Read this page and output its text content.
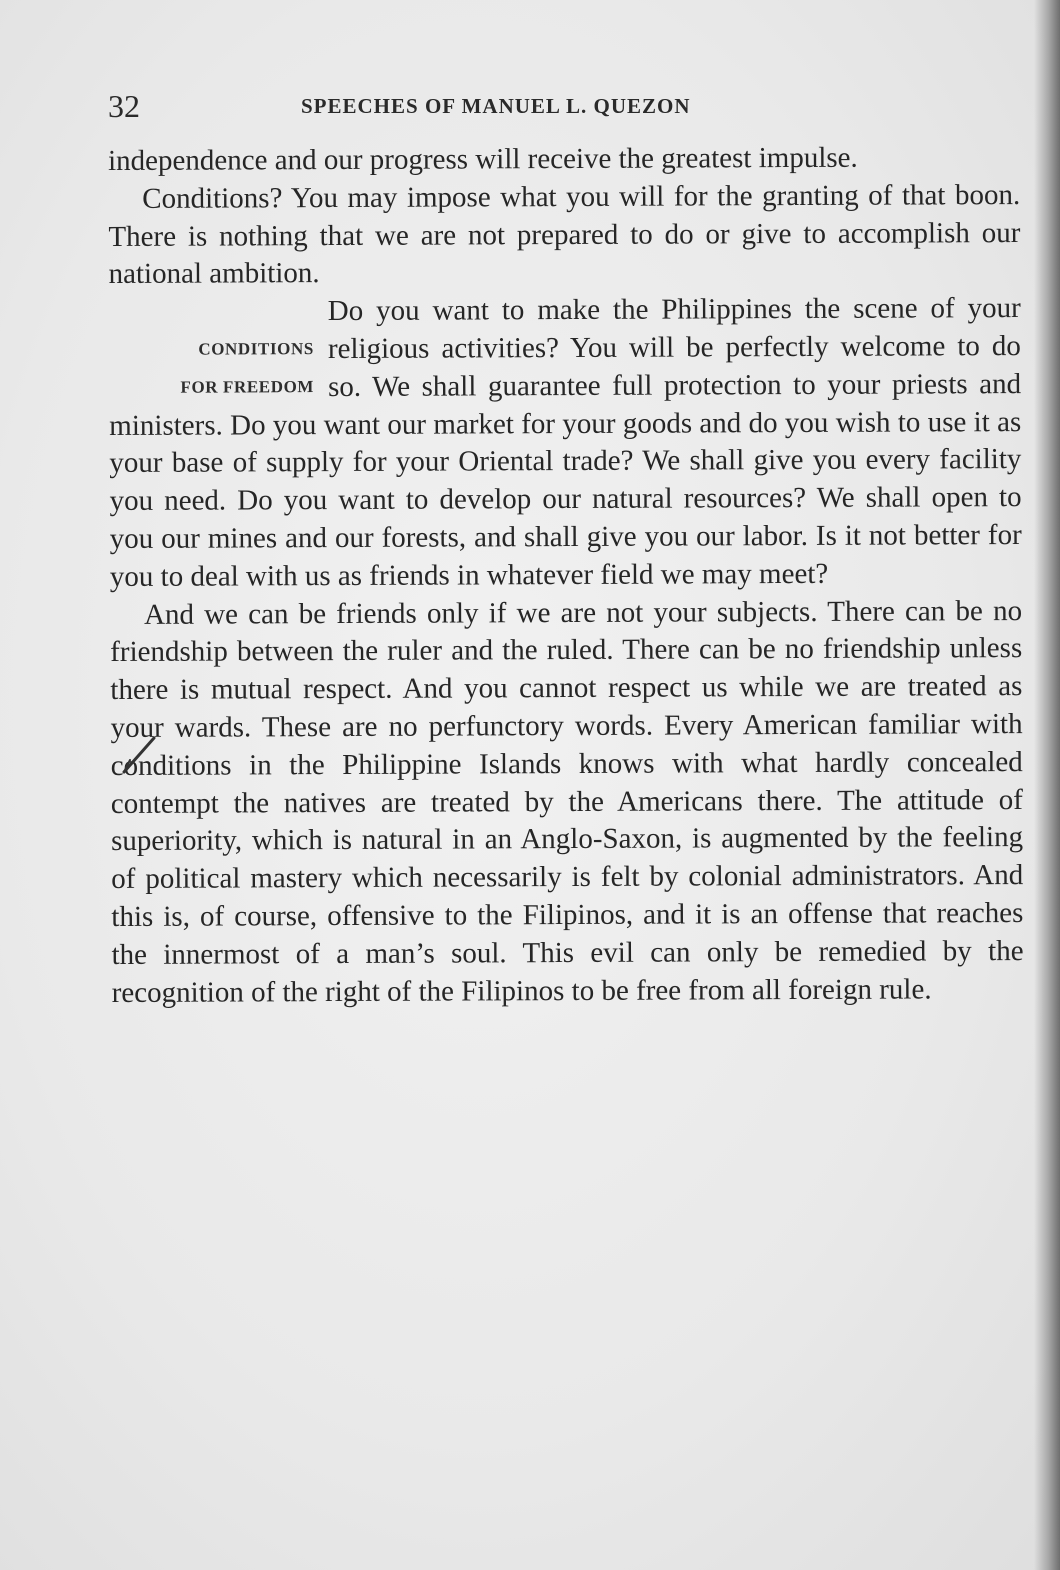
32	SPEECHES OF MANUEL L. QUEZON

independence and our progress will receive the greatest impulse.

Conditions? You may impose what you will for the granting of that boon. There is nothing that we are not prepared to do or give to accomplish our national ambition.

CONDITIONS
FOR FREEDOM

Do you want to make the Philippines the scene of your religious activities? You will be perfectly welcome to do so. We shall guarantee full protection to your priests and ministers. Do you want our market for your goods and do you wish to use it as your base of supply for your Oriental trade? We shall give you every facility you need. Do you want to develop our natural resources? We shall open to you our mines and our forests, and shall give you our labor. Is it not better for you to deal with us as friends in whatever field we may meet?

And we can be friends only if we are not your subjects. There can be no friendship between the ruler and the ruled. There can be no friendship unless there is mutual respect. And you cannot respect us while we are treated as your wards. These are no perfunctory words. Every American familiar with conditions in the Philippine Islands knows with what hardly concealed contempt the natives are treated by the Americans there. The attitude of superiority, which is natural in an Anglo-Saxon, is augmented by the feeling of political mastery which necessarily is felt by colonial administrators. And this is, of course, offensive to the Filipinos, and it is an offense that reaches the innermost of a man’s soul. This evil can only be remedied by the recognition of the right of the Filipinos to be free from all foreign rule.
